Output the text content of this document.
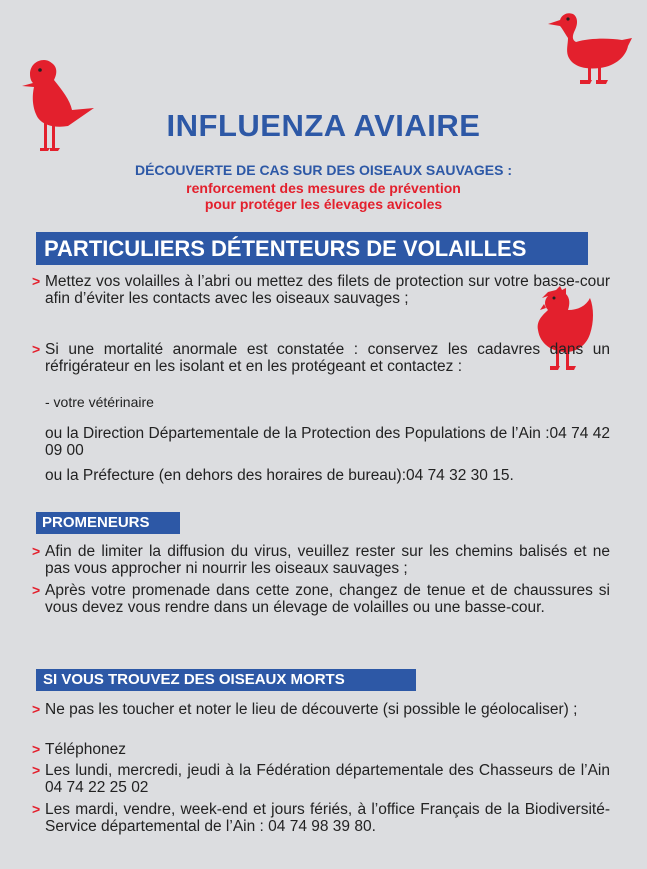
INFLUENZA AVIAIRE
DÉCOUVERTE DE CAS SUR DES OISEAUX SAUVAGES :
renforcement des mesures de prévention
pour protéger les élevages avicoles
PARTICULIERS DÉTENTEURS DE VOLAILLES
> Mettez vos volailles à l’abri ou mettez des filets de protection sur votre basse-cour afin d’éviter les contacts avec les oiseaux sauvages ;
> Si une mortalité anormale est constatée : conservez les cadavres dans un réfrigérateur en les isolant et en les protégeant et contactez :
- votre vétérinaire
ou la Direction Départementale de la Protection des Populations de l’Ain :04 74 42 09 00
ou la Préfecture (en dehors des horaires de bureau):04 74 32 30 15.
PROMENEURS
> Afin de limiter la diffusion du virus, veuillez rester sur les chemins balisés et ne pas vous approcher ni nourrir les oiseaux sauvages ;
> Après votre promenade dans cette zone, changez de tenue et de chaussures si vous devez vous rendre dans un élevage de volailles ou une basse-cour.
SI VOUS TROUVEZ DES OISEAUX MORTS
> Ne pas les toucher et noter le lieu de découverte (si possible le géolocaliser) ;
> Téléphonez
> Les lundi, mercredi, jeudi à la Fédération départementale des Chasseurs de l’Ain 04 74 22 25 02
> Les mardi, vendre, week-end et jours fériés, à l’office Français de la Biodiversité-Service départemental de l’Ain : 04 74 98 39 80.
